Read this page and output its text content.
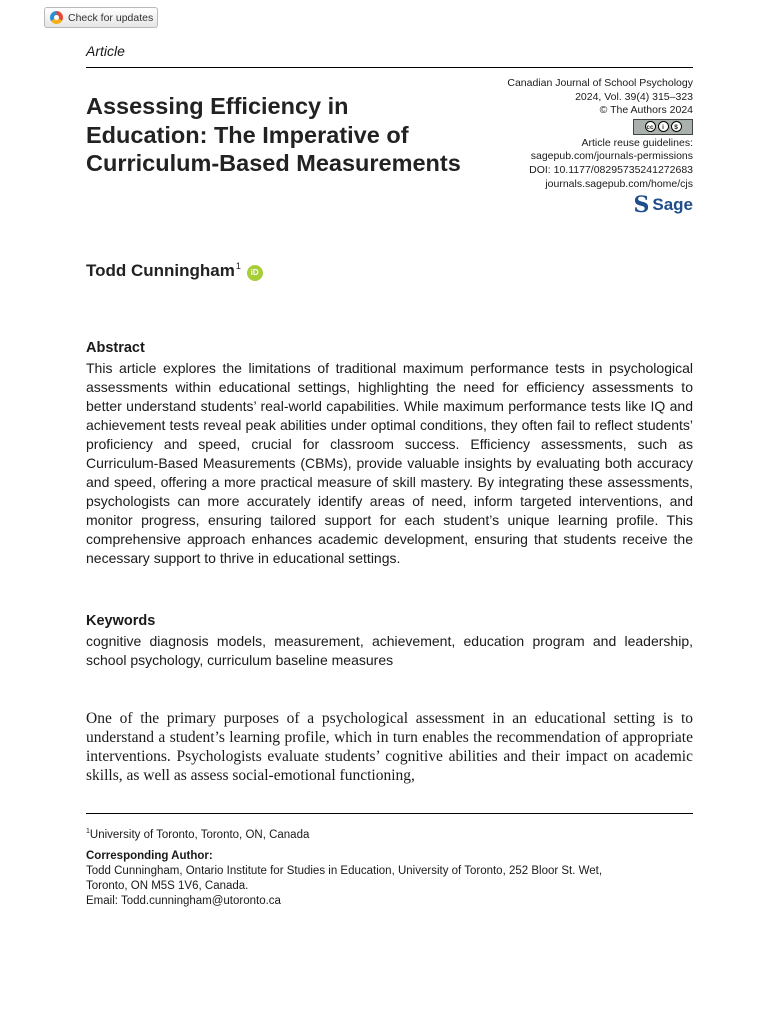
Check for updates
Article
Assessing Efficiency in Education: The Imperative of Curriculum-Based Measurements
Canadian Journal of School Psychology
2024, Vol. 39(4) 315–323
© The Authors 2024
cc	i	$
Article reuse guidelines:
sagepub.com/journals-permissions
DOI: 10.1177/08295735241272683
journals.sagepub.com/home/cjs
S Sage
Todd Cunningham$^1$ iD
Abstract

This article explores the limitations of traditional maximum performance tests in psychological assessments within educational settings, highlighting the need for efficiency assessments to better understand students’ real-world capabilities. While maximum performance tests like IQ and achievement tests reveal peak abilities under optimal conditions, they often fail to reflect students’ proficiency and speed, crucial for classroom success. Efficiency assessments, such as Curriculum-Based Measurements (CBMs), provide valuable insights by evaluating both accuracy and speed, offering a more practical measure of skill mastery. By integrating these assessments, psychologists can more accurately identify areas of need, inform targeted interventions, and monitor progress, ensuring tailored support for each student’s unique learning profile. This comprehensive approach enhances academic development, ensuring that students receive the necessary support to thrive in educational settings.

Keywords

cognitive diagnosis models, measurement, achievement, education program and leadership, school psychology, curriculum baseline measures

One of the primary purposes of a psychological assessment in an educational setting is to understand a student’s learning profile, which in turn enables the recommendation of appropriate interventions. Psychologists evaluate students’ cognitive abilities and their impact on academic skills, as well as assess social-emotional functioning,

$^1$University of Toronto, Toronto, ON, Canada
Corresponding Author:
Todd Cunningham, Ontario Institute for Studies in Education, University of Toronto, 252 Bloor St. Wet,
Toronto, ON M5S 1V6, Canada.
Email: Todd.cunningham@utoronto.ca
